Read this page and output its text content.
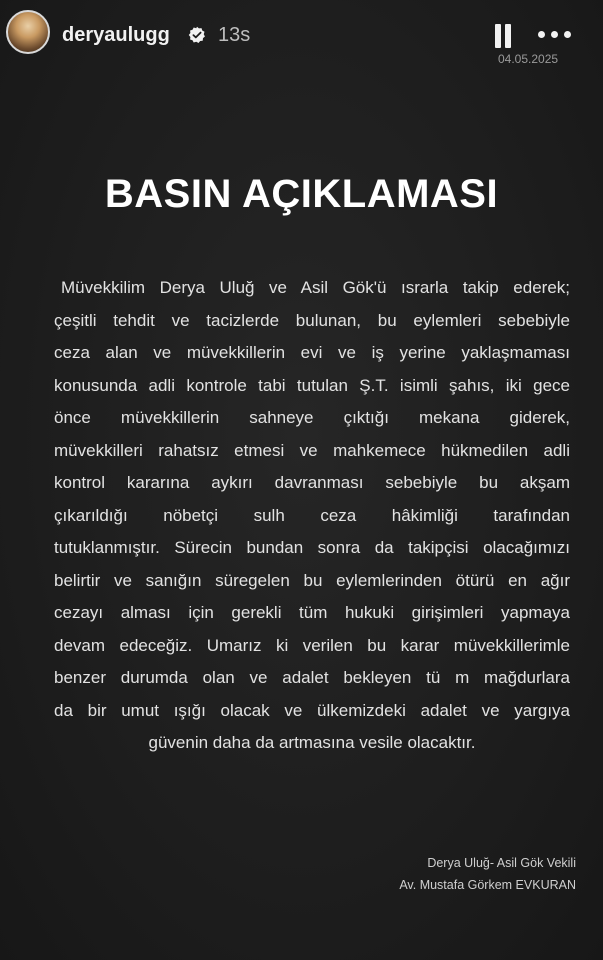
deryaulugg 13s
04.05.2025
BASIN AÇIKLAMASI
Müvekkilim Derya Uluğ ve Asil Gök'ü ısrarla takip ederek;
çeşitli tehdit ve tacizlerde bulunan, bu eylemleri sebebiyle
ceza alan ve müvekkillerin evi ve iş yerine yaklaşmaması
konusunda adli kontrole tabi tutulan Ş.T. isimli şahıs, iki gece
önce müvekkillerin sahneye çıktığı mekana giderek,
müvekkilleri rahatsız etmesi ve mahkemece hükmedilen adli
kontrol kararına aykırı davranması sebebiyle bu akşam
çıkarıldığı nöbetçi sulh ceza hâkimliği tarafından
tutuklanmıştır. Sürecin bundan sonra da takipçisi olacağımızı
belirtir ve sanığın süregelen bu eylemlerinden ötürü en ağır
cezayı alması için gerekli tüm hukuki girişimleri yapmaya
devam edeceğiz. Umarız ki verilen bu karar müvekkillerimle
benzer durumda olan ve adalet bekleyen tü m mağdurlara
da bir umut ışığı olacak ve ülkemizdeki adalet ve yargıya
güvenin daha da artmasına vesile olacaktır.
Derya Uluğ- Asil Gök Vekili
Av. Mustafa Görkem EVKURAN
